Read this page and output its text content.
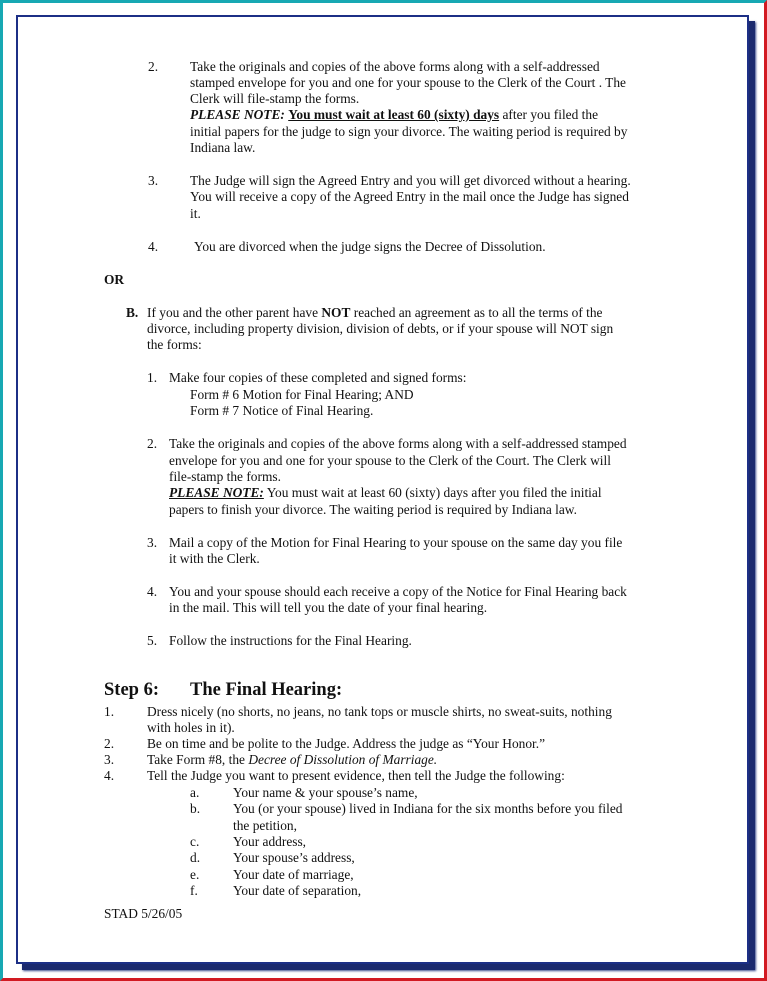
2. Take the originals and copies of the above forms along with a self-addressed
stamped envelope for you and one for your spouse to the Clerk of the Court . The
Clerk will file-stamp the forms.
PLEASE NOTE: You must wait at least 60 (sixty) days after you filed the
initial papers for the judge to sign your divorce. The waiting period is required by
Indiana law.
3. The Judge will sign the Agreed Entry and you will get divorced without a hearing.
You will receive a copy of the Agreed Entry in the mail once the Judge has signed
it.
4.	You are divorced when the judge signs the Decree of Dissolution.
OR
B. If you and the other parent have NOT reached an agreement as to all the terms of the
divorce, including property division, division of debts, or if your spouse will NOT sign
the forms:
1. Make four copies of these completed and signed forms:
Form # 6 Motion for Final Hearing; AND
Form # 7 Notice of Final Hearing.
2. Take the originals and copies of the above forms along with a self-addressed stamped
envelope for you and one for your spouse to the Clerk of the Court. The Clerk will
file-stamp the forms.
PLEASE NOTE: You must wait at least 60 (sixty) days after you filed the initial
papers to finish your divorce. The waiting period is required by Indiana law.
3. Mail a copy of the Motion for Final Hearing to your spouse on the same day you file
it with the Clerk.
4. You and your spouse should each receive a copy of the Notice for Final Hearing back
in the mail. This will tell you the date of your final hearing.
5. Follow the instructions for the Final Hearing.
Step 6: The Final Hearing:
1. Dress nicely (no shorts, no jeans, no tank tops or muscle shirts, no sweat-suits, nothing
with holes in it).
2. Be on time and be polite to the Judge. Address the judge as “Your Honor.”
3. Take Form #8, the Decree of Dissolution of Marriage.
4. Tell the Judge you want to present evidence, then tell the Judge the following:
a.	Your name & your spouse’s name,
b. You (or your spouse) lived in Indiana for the six months before you filed
the petition,
c.	Your address,
d. Your spouse’s address,
e.	Your date of marriage,
f.	Your date of separation,
STAD 5/26/05
